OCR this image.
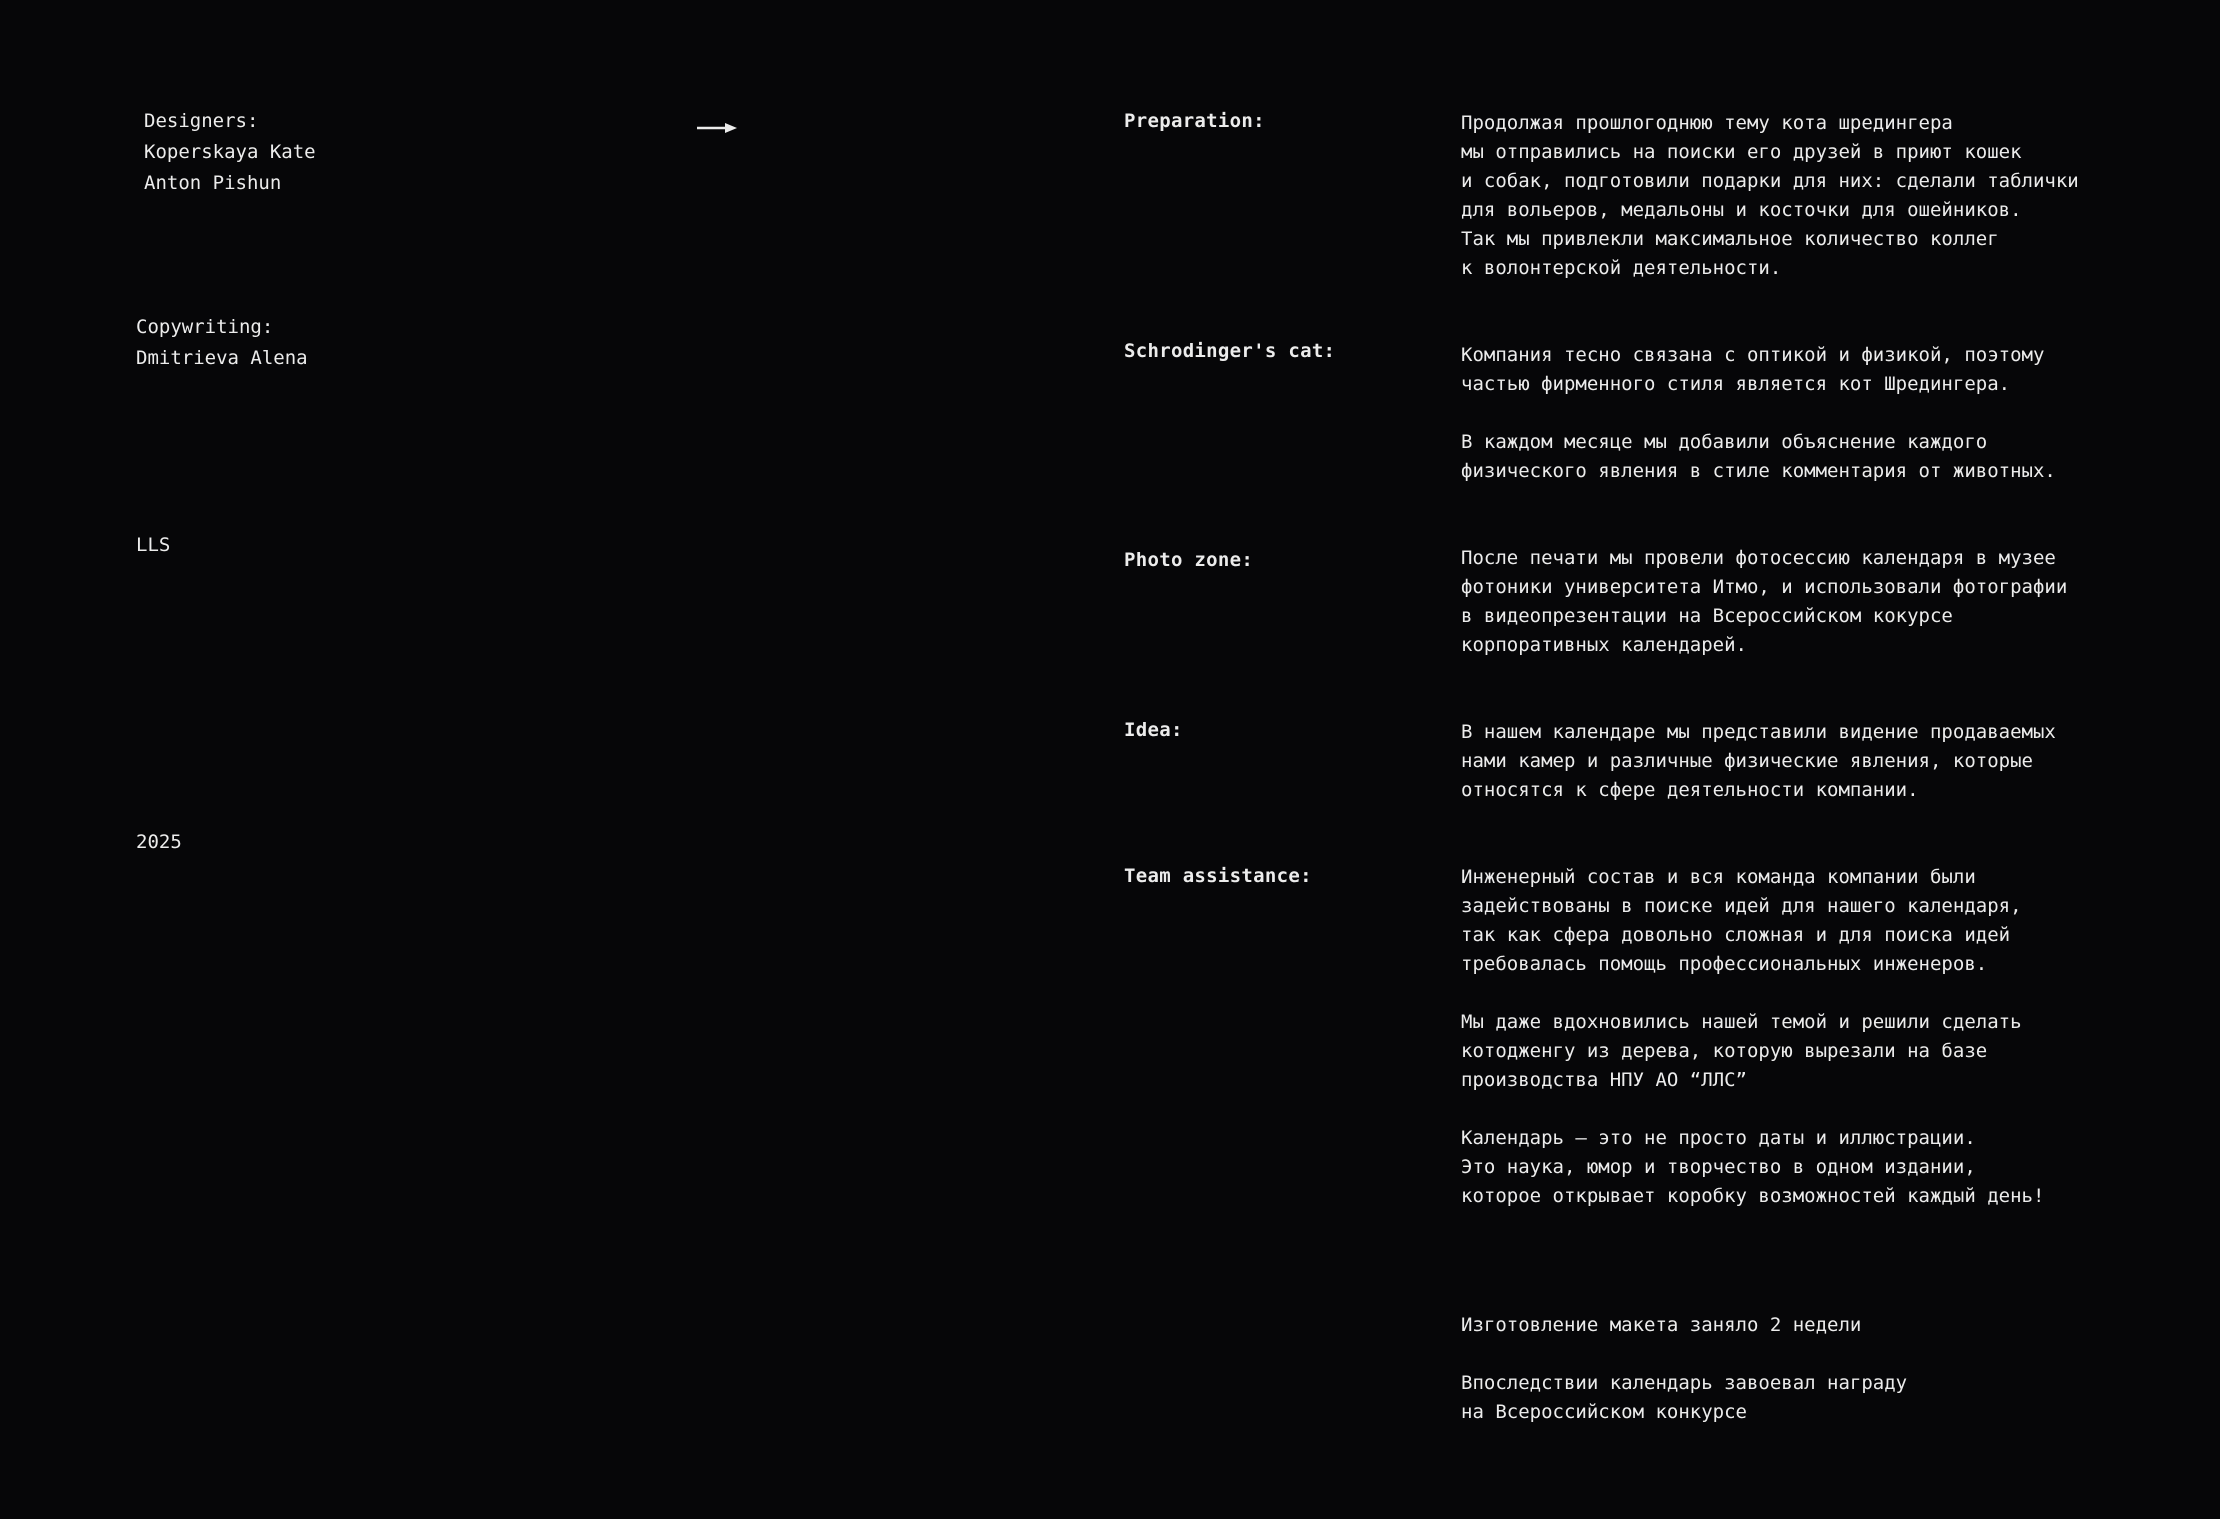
Designers:
Koperskaya Kate
Anton Pishun
Copywriting:
Dmitrieva Alena
LLS
2025
Preparation:
Schrodinger's cat:
Photo zone:
Idea:
Team assistance:
Продолжая прошлогоднюю тему кота шредингера
мы отправились на поиски его друзей в приют кошек
и собак, подготовили подарки для них: сделали таблички
для вольеров, медальоны и косточки для ошейников.
Так мы привлекли максимальное количество коллег
к волонтерской деятельности.
Компания тесно связана с оптикой и физикой, поэтому
частью фирменного стиля является кот Шредингера.
В каждом месяце мы добавили объяснение каждого
физического явления в стиле комментария от животных.
После печати мы провели фотосессию календаря в музее
фотоники университета Итмо, и использовали фотографии
в видеопрезентации на Всероссийском кокурсе
корпоративных календарей.
В нашем календаре мы представили видение продаваемых
нами камер и различные физические явления, которые
относятся к сфере деятельности компании.
Инженерный состав и вся команда компании были
задействованы в поиске идей для нашего календаря,
так как сфера довольно сложная и для поиска идей
требовалась помощь профессиональных инженеров.
Мы даже вдохновились нашей темой и решили сделать
котодженгу из дерева, которую вырезали на базе
производства НПУ АО “ЛЛС”
Календарь – это не просто даты и иллюстрации.
Это наука, юмор и творчество в одном издании,
которое открывает коробку возможностей каждый день!
Изготовление макета заняло 2 недели
Впоследствии календарь завоевал награду
на Всероссийском конкурсе
